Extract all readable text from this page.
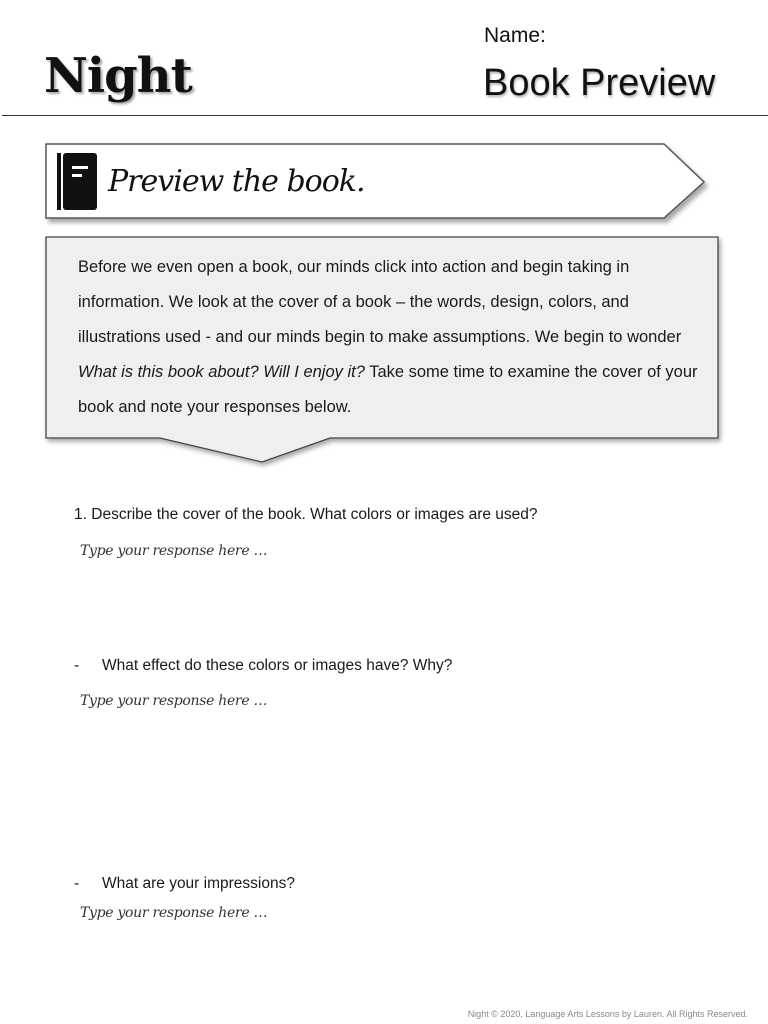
Night
Name:
Book Preview
Preview the book.
Before we even open a book, our minds click into action and begin taking in information. We look at the cover of a book – the words, design, colors, and illustrations used - and our minds begin to make assumptions. We begin to wonder What is this book about? Will I enjoy it? Take some time to examine the cover of your book and note your responses below.
1. Describe the cover of the book. What colors or images are used?
Type your response here …
- What effect do these colors or images have? Why?
Type your response here …
- What are your impressions?
Type your response here …
Night © 2020, Language Arts Lessons by Lauren. All Rights Reserved.
